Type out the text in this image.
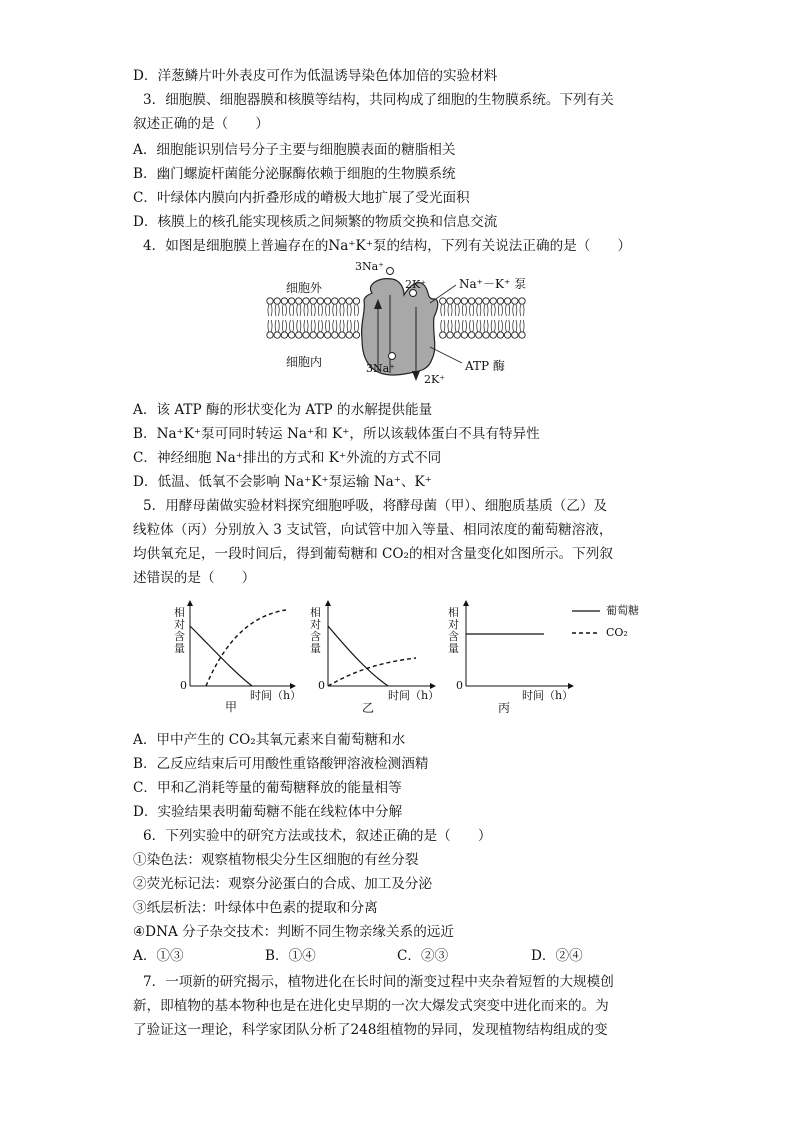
D．洋葱鳞片叶外表皮可作为低温诱导染色体加倍的实验材料
3．细胞膜、细胞器膜和核膜等结构，共同构成了细胞的生物膜系统。下列有关
叙述正确的是（　　）
A．细胞能识别信号分子主要与细胞膜表面的糖脂相关
B．幽门螺旋杆菌能分泌脲酶依赖于细胞的生物膜系统
C．叶绿体内膜向内折叠形成的嵴极大地扩展了受光面积
D．核膜上的核孔能实现核质之间频繁的物质交换和信息交流
4．如图是细胞膜上普遍存在的Na⁺K⁺泵的结构，下列有关说法正确的是（　　）
细胞外
细胞内
3Na⁺
2K⁺	Na⁺－K⁺ 泵
3Na⁺
2K⁺
ATP 酶
A．该 ATP 酶的形状变化为 ATP 的水解提供能量
B．Na⁺K⁺泵可同时转运 Na⁺和 K⁺，所以该载体蛋白不具有特异性
C．神经细胞 Na⁺排出的方式和 K⁺外流的方式不同
D．低温、低氧不会影响 Na⁺K⁺泵运输 Na⁺、K⁺
5．用酵母菌做实验材料探究细胞呼吸，将酵母菌（甲）、细胞质基质（乙）及
线粒体（丙）分别放入 3 支试管，向试管中加入等量、相同浓度的葡萄糖溶液，
均供氧充足，一段时间后，得到葡萄糖和 CO₂的相对含量变化如图所示。下列叙
述错误的是（　　）
相对含量
0
时间（h）
甲
相对含量
0
时间（h）
乙
相对含量
0
时间（h）
丙
葡萄糖
CO₂
A．甲中产生的 CO₂其氧元素来自葡萄糖和水
B．乙反应结束后可用酸性重铬酸钾溶液检测酒精
C．甲和乙消耗等量的葡萄糖释放的能量相等
D．实验结果表明葡萄糖不能在线粒体中分解
6．下列实验中的研究方法或技术，叙述正确的是（　　）
①染色法：观察植物根尖分生区细胞的有丝分裂
②荧光标记法：观察分泌蛋白的合成、加工及分泌
③纸层析法：叶绿体中色素的提取和分离
④DNA 分子杂交技术：判断不同生物亲缘关系的远近
A．①③	B．①④	C．②③	D．②④
7．一项新的研究揭示，植物进化在长时间的渐变过程中夹杂着短暂的大规模创
新，即植物的基本物种也是在进化史早期的一次大爆发式突变中进化而来的。为
了验证这一理论，科学家团队分析了248组植物的异同，发现植物结构组成的变
